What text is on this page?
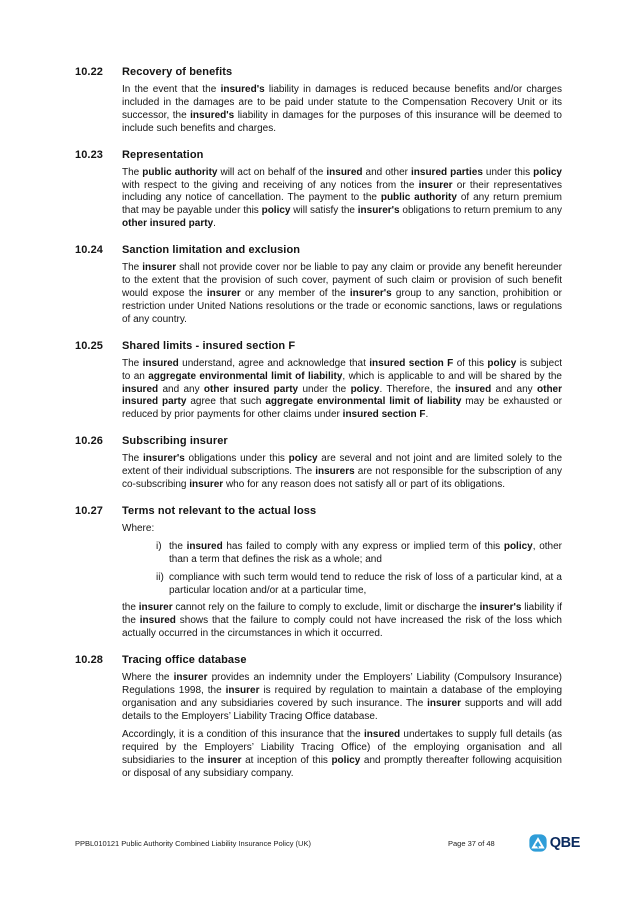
10.22	Recovery of benefits

In the event that the insured's liability in damages is reduced because benefits and/or charges included in the damages are to be paid under statute to the Compensation Recovery Unit or its successor, the insured's liability in damages for the purposes of this insurance will be deemed to include such benefits and charges.

10.23	Representation

The public authority will act on behalf of the insured and other insured parties under this policy with respect to the giving and receiving of any notices from the insurer or their representatives including any notice of cancellation. The payment to the public authority of any return premium that may be payable under this policy will satisfy the insurer's obligations to return premium to any other insured party.

10.24	Sanction limitation and exclusion

The insurer shall not provide cover nor be liable to pay any claim or provide any benefit hereunder to the extent that the provision of such cover, payment of such claim or provision of such benefit would expose the insurer or any member of the insurer's group to any sanction, prohibition or restriction under United Nations resolutions or the trade or economic sanctions, laws or regulations of any country.

10.25	Shared limits - insured section F

The insured understand, agree and acknowledge that insured section F of this policy is subject to an aggregate environmental limit of liability, which is applicable to and will be shared by the insured and any other insured party under the policy. Therefore, the insured and any other insured party agree that such aggregate environmental limit of liability may be exhausted or reduced by prior payments for other claims under insured section F.

10.26	Subscribing insurer

The insurer's obligations under this policy are several and not joint and are limited solely to the extent of their individual subscriptions. The insurers are not responsible for the subscription of any co-subscribing insurer who for any reason does not satisfy all or part of its obligations.

10.27	Terms not relevant to the actual loss

Where:

i) the insured has failed to comply with any express or implied term of this policy, other than a term that defines the risk as a whole; and
ii) compliance with such term would tend to reduce the risk of loss of a particular kind, at a particular location and/or at a particular time,

the insurer cannot rely on the failure to comply to exclude, limit or discharge the insurer's liability if the insured shows that the failure to comply could not have increased the risk of the loss which actually occurred in the circumstances in which it occurred.

10.28	Tracing office database

Where the insurer provides an indemnity under the Employers’ Liability (Compulsory Insurance) Regulations 1998, the insurer is required by regulation to maintain a database of the employing organisation and any subsidiaries covered by such insurance. The insurer supports and will add details to the Employers’ Liability Tracing Office database.

Accordingly, it is a condition of this insurance that the insured undertakes to supply full details (as required by the Employers’ Liability Tracing Office) of the employing organisation and all subsidiaries to the insurer at inception of this policy and promptly thereafter following acquisition or disposal of any subsidiary company.

PPBL010121 Public Authority Combined Liability Insurance Policy (UK)	Page 37 of 48	QBE
